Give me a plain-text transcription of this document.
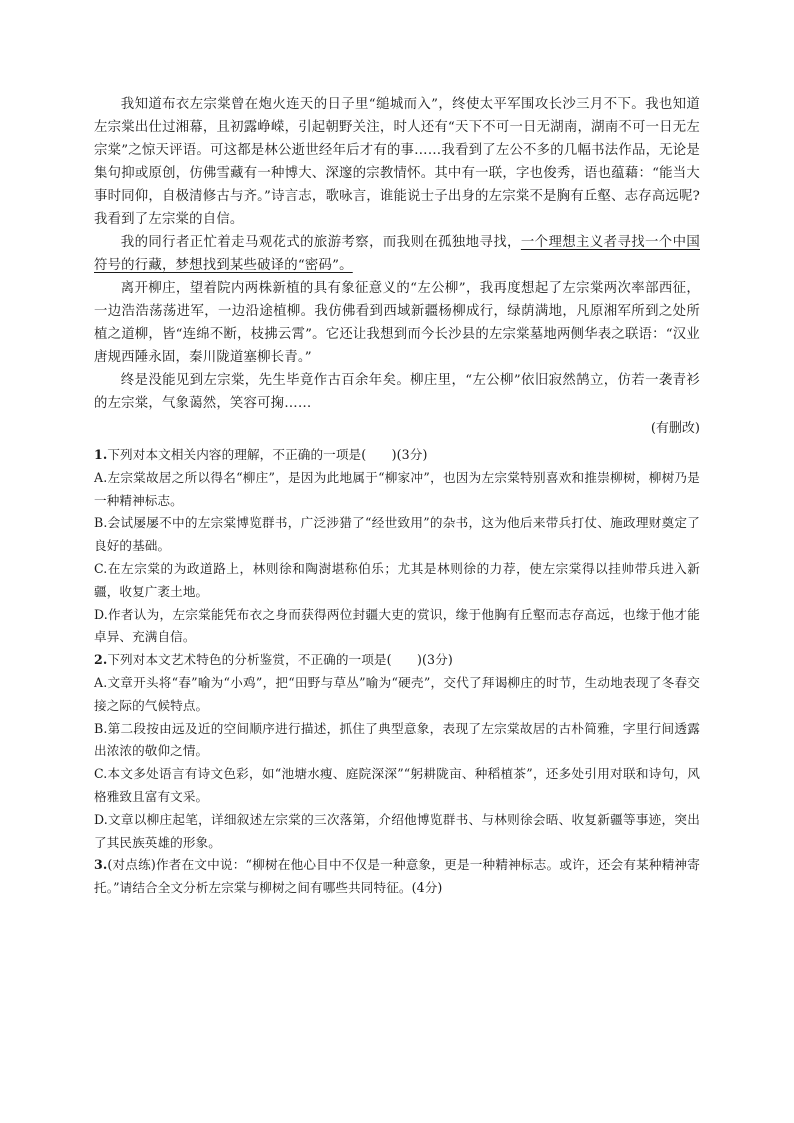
我知道布衣左宗棠曾在炮火连天的日子里“缒城而入”，终使太平军围攻长沙三月不下。我也知道左宗棠出仕过湘幕，且初露峥嵘，引起朝野关注，时人还有“天下不可一日无湖南，湖南不可一日无左宗棠”之惊天评语。可这都是林公逝世经年后才有的事……我看到了左公不多的几幅书法作品，无论是集句抑或原创，仿佛雪藏有一种博大、深邃的宗教情怀。其中有一联，字也俊秀，语也蕴藉：“能当大事时同仰，自极清修古与齐。”诗言志，歌咏言，谁能说士子出身的左宗棠不是胸有丘壑、志存高远呢?我看到了左宗棠的自信。

我的同行者正忙着走马观花式的旅游考察，而我则在孤独地寻找，一个理想主义者寻找一个中国符号的行藏，梦想找到某些破译的“密码”。

离开柳庄，望着院内两株新植的具有象征意义的“左公柳”，我再度想起了左宗棠两次率部西征，一边浩浩荡荡进军，一边沿途植柳。我仿佛看到西域新疆杨柳成行，绿荫满地，凡原湘军所到之处所植之道柳，皆“连绵不断，枝拂云霄”。它还让我想到而今长沙县的左宗棠墓地两侧华表之联语：“汉业唐规西陲永固，秦川陇道塞柳长青。”

终是没能见到左宗棠，先生毕竟作古百余年矣。柳庄里，“左公柳”依旧寂然鹄立，仿若一袭青衫的左宗棠，气象蔼然，笑容可掬……

(有删改)

1.下列对本文相关内容的理解，不正确的一项是(　　)(3分)

A.左宗棠故居之所以得名“柳庄”，是因为此地属于“柳家冲”，也因为左宗棠特别喜欢和推崇柳树，柳树乃是一种精神标志。

B.会试屡屡不中的左宗棠博览群书，广泛涉猎了“经世致用”的杂书，这为他后来带兵打仗、施政理财奠定了良好的基础。

C.在左宗棠的为政道路上，林则徐和陶澍堪称伯乐；尤其是林则徐的力荐，使左宗棠得以挂帅带兵进入新疆，收复广袤土地。

D.作者认为，左宗棠能凭布衣之身而获得两位封疆大吏的赏识，缘于他胸有丘壑而志存高远，也缘于他才能卓异、充满自信。

2.下列对本文艺术特色的分析鉴赏，不正确的一项是(　　)(3分)

A.文章开头将“春”喻为“小鸡”，把“田野与草丛”喻为“硬壳”，交代了拜谒柳庄的时节，生动地表现了冬春交接之际的气候特点。

B.第二段按由远及近的空间顺序进行描述，抓住了典型意象，表现了左宗棠故居的古朴简雅，字里行间透露出浓浓的敬仰之情。

C.本文多处语言有诗文色彩，如“池塘水瘦、庭院深深”“躬耕陇亩、种稻植茶”，还多处引用对联和诗句，风格雅致且富有文采。

D.文章以柳庄起笔，详细叙述左宗棠的三次落第，介绍他博览群书、与林则徐会晤、收复新疆等事迹，突出了其民族英雄的形象。

3.(对点练)作者在文中说：“柳树在他心目中不仅是一种意象，更是一种精神标志。或许，还会有某种精神寄托。”请结合全文分析左宗棠与柳树之间有哪些共同特征。(4分)
